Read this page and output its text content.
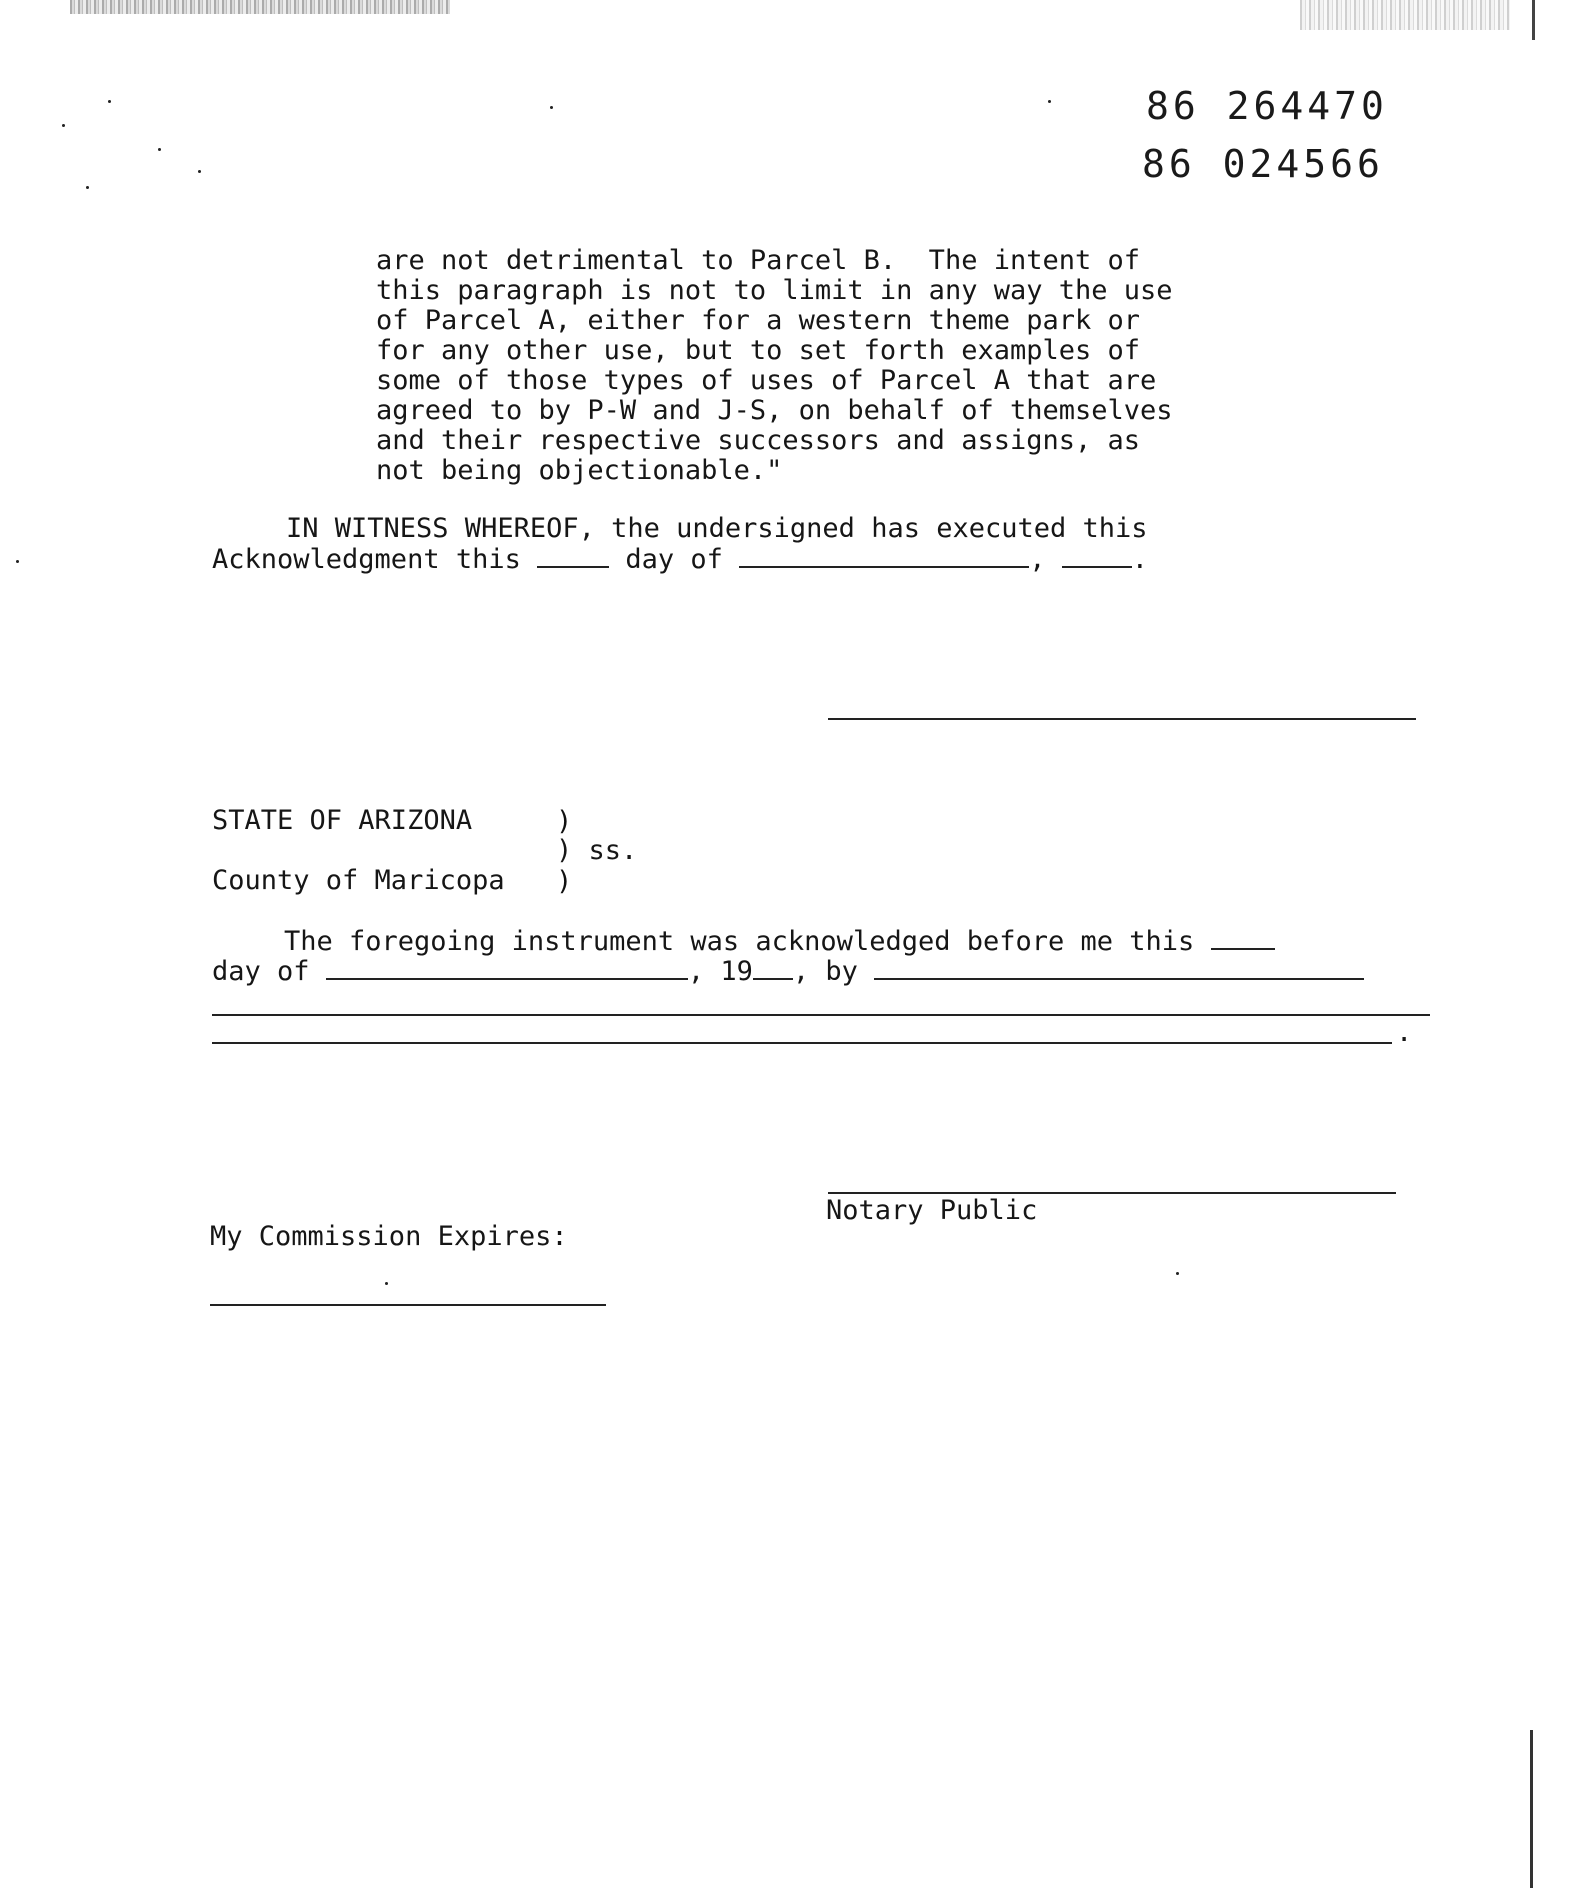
86 264470
86 024566
are not detrimental to Parcel B.  The intent of
this paragraph is not to limit in any way the use
of Parcel A, either for a western theme park or
for any other use, but to set forth examples of
some of those types of uses of Parcel A that are
agreed to by P-W and J-S, on behalf of themselves
and their respective successors and assigns, as
not being objectionable."
IN WITNESS WHEREOF, the undersigned has executed this
Acknowledgment this	day of	,	.
STATE OF ARIZONA	)
) ss.
County of Maricopa )
The foregoing instrument was acknowledged before me this
day of	, 19 , by
.
Notary Public
My Commission Expires:
